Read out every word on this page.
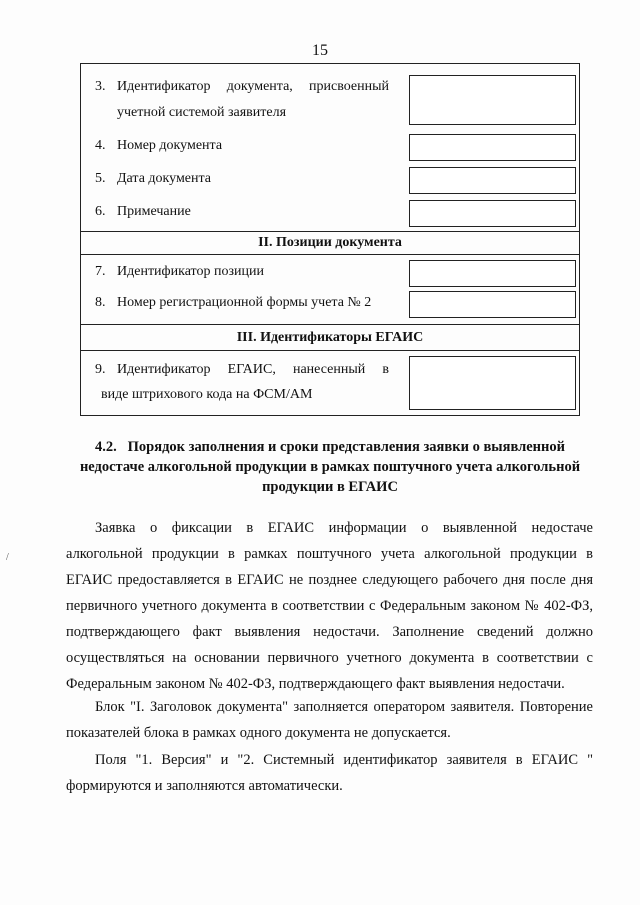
15
3. Идентификатор документа, присвоенный
учетной системой заявителя
4. Номер документа
5. Дата документа
6. Примечание
II. Позиции документа
7. Идентификатор позиции
8. Номер регистрационной формы учета № 2
III. Идентификаторы ЕГАИС
9. Идентификатор ЕГАИС, нанесенный в
виде штрихового кода на ФСМ/АМ
4.2.   Порядок заполнения и сроки представления заявки о выявленной
недостаче алкогольной продукции в рамках поштучного учета алкогольной
продукции в ЕГАИС
/
Заявка о фиксации в ЕГАИС информации о выявленной недостаче
алкогольной продукции в рамках поштучного учета алкогольной продукции в
ЕГАИС предоставляется в ЕГАИС не позднее следующего рабочего дня после дня
первичного учетного документа в соответствии с Федеральным законом № 402-ФЗ,
подтверждающего факт выявления недостачи. Заполнение сведений должно
осуществляться на основании первичного учетного документа в соответствии с
Федеральным законом № 402-ФЗ, подтверждающего факт выявления недостачи.
Блок "I. Заголовок документа" заполняется оператором заявителя. Повторение
показателей блока в рамках одного документа не допускается.
Поля "1. Версия" и "2. Системный идентификатор заявителя в ЕГАИС "
формируются и заполняются автоматически.
